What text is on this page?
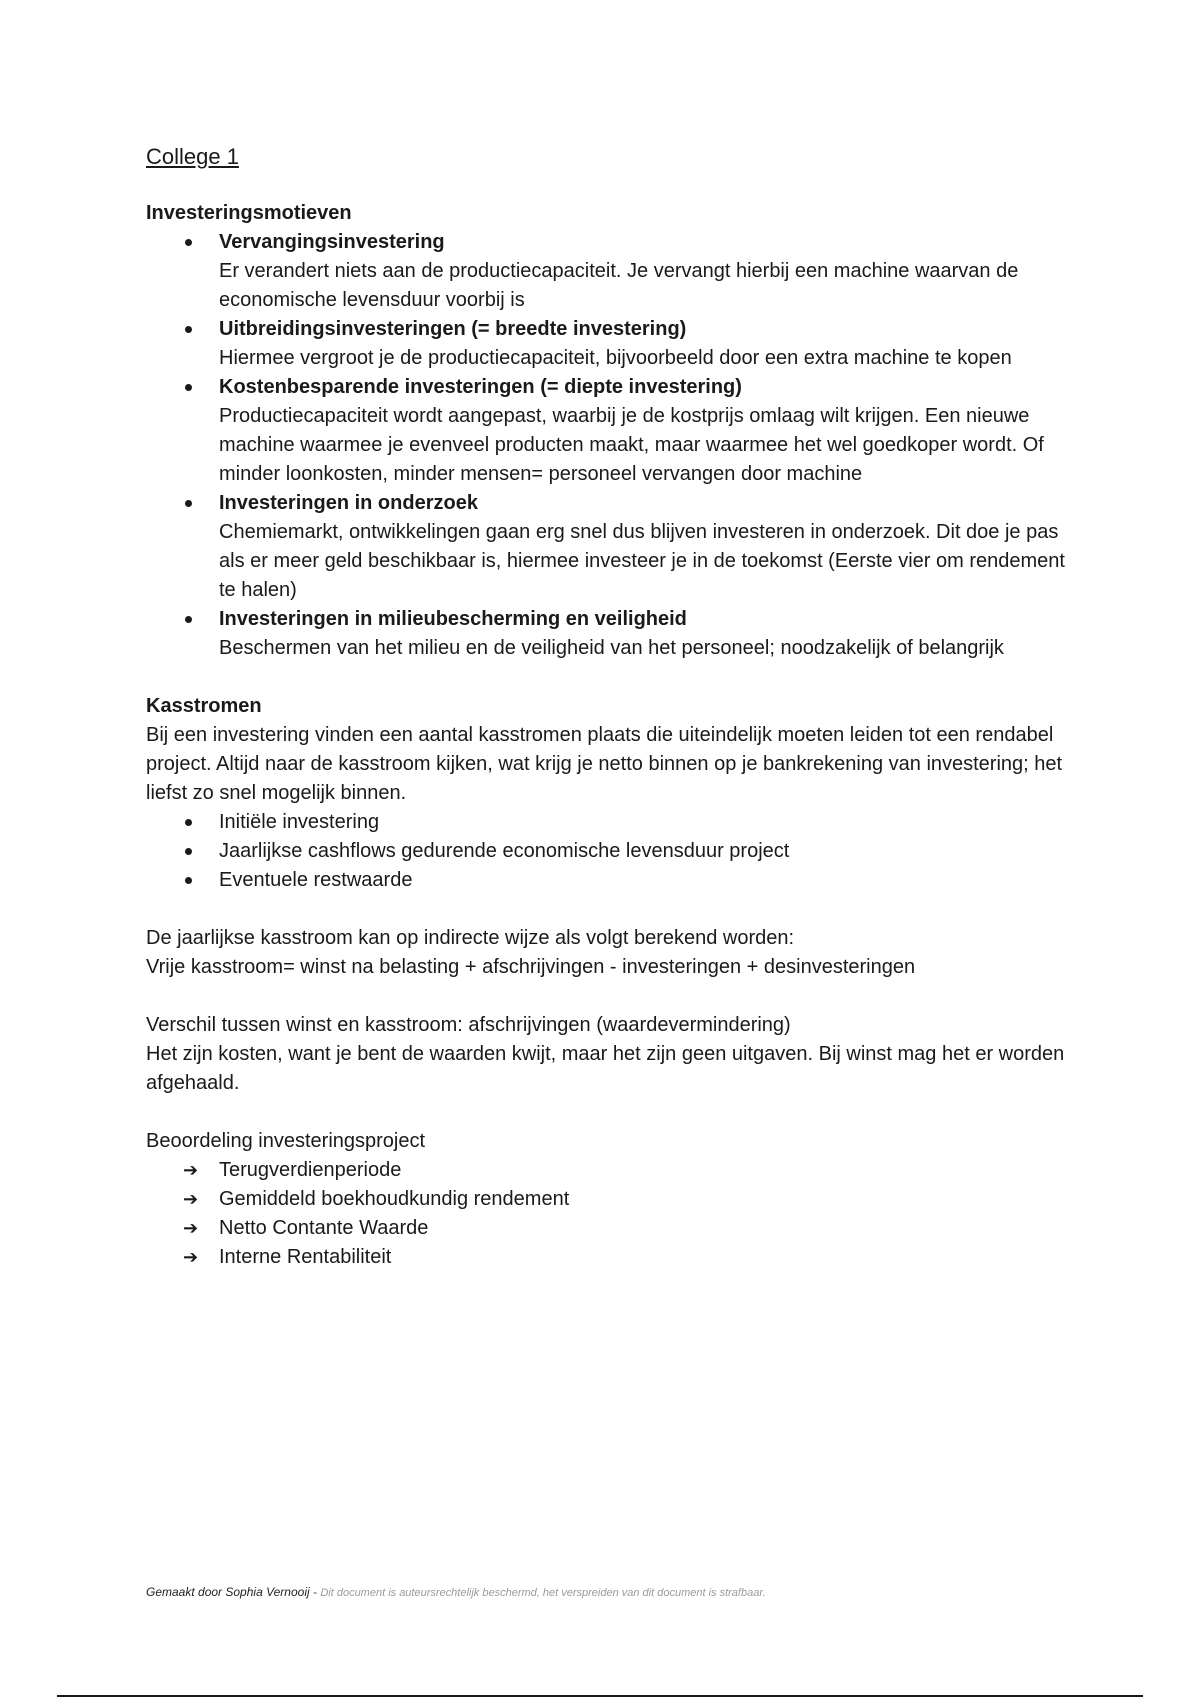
College 1

Investeringsmotieven

Vervangingsinvestering
Er verandert niets aan de productiecapaciteit. Je vervangt hierbij een machine waarvan de economische levensduur voorbij is
Uitbreidingsinvesteringen (= breedte investering)
Hiermee vergroot je de productiecapaciteit, bijvoorbeeld door een extra machine te kopen
Kostenbesparende investeringen (= diepte investering)
Productiecapaciteit wordt aangepast, waarbij je de kostprijs omlaag wilt krijgen. Een nieuwe machine waarmee je evenveel producten maakt, maar waarmee het wel goedkoper wordt. Of minder loonkosten, minder mensen= personeel vervangen door machine
Investeringen in onderzoek
Chemiemarkt, ontwikkelingen gaan erg snel dus blijven investeren in onderzoek. Dit doe je pas als er meer geld beschikbaar is, hiermee investeer je in de toekomst (Eerste vier om rendement te halen)
Investeringen in milieubescherming en veiligheid
Beschermen van het milieu en de veiligheid van het personeel; noodzakelijk of belangrijk

Kasstromen

Bij een investering vinden een aantal kasstromen plaats die uiteindelijk moeten leiden tot een rendabel project. Altijd naar de kasstroom kijken, wat krijg je netto binnen op je bankrekening van investering; het liefst zo snel mogelijk binnen.

Initiële investering
Jaarlijkse cashflows gedurende economische levensduur project
Eventuele restwaarde

De jaarlijkse kasstroom kan op indirecte wijze als volgt berekend worden:

Vrije kasstroom= winst na belasting + afschrijvingen - investeringen + desinvesteringen

Verschil tussen winst en kasstroom: afschrijvingen (waardevermindering)

Het zijn kosten, want je bent de waarden kwijt, maar het zijn geen uitgaven. Bij winst mag het er worden afgehaald.

Beoordeling investeringsproject

➔ Terugverdienperiode
➔ Gemiddeld boekhoudkundig rendement
➔ Netto Contante Waarde
➔ Interne Rentabiliteit
Gemaakt door Sophia Vernooij - Dit document is auteursrechtelijk beschermd, het verspreiden van dit document is strafbaar.
